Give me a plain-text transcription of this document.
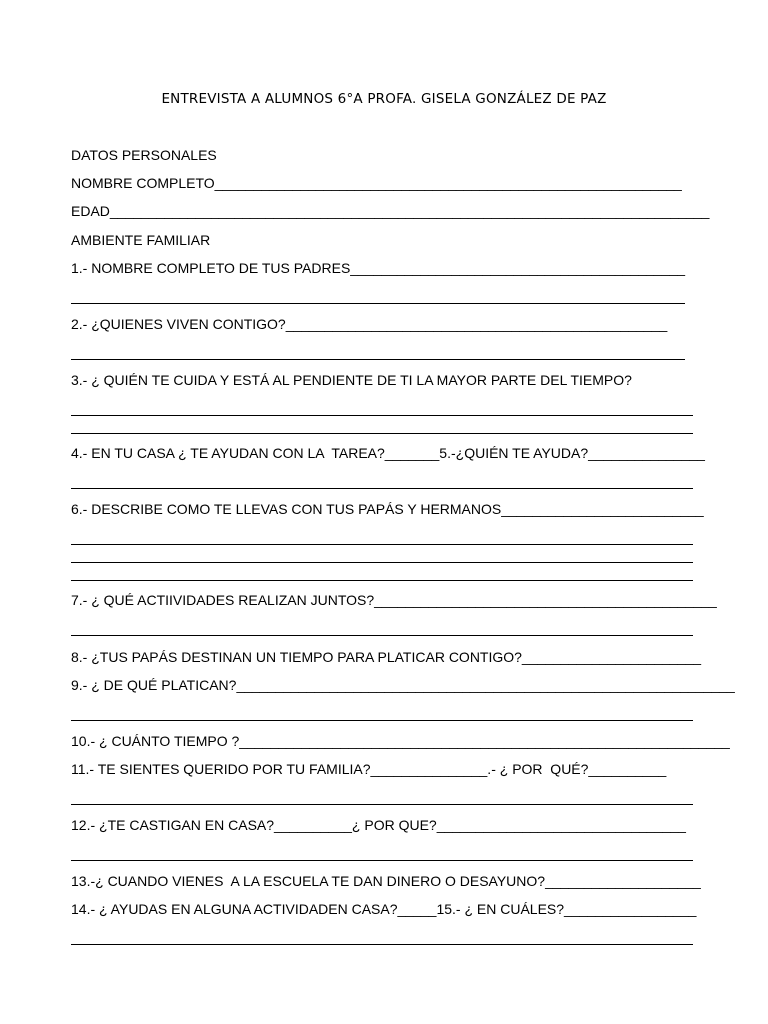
ENTREVISTA A ALUMNOS 6°A PROFA. GISELA GONZÁLEZ DE PAZ
DATOS PERSONALES
NOMBRE COMPLETO____________________________________________________________
EDAD_____________________________________________________________________________
AMBIENTE FAMILIAR
1.- NOMBRE COMPLETO DE TUS PADRES___________________________________________
2.- ¿QUIENES VIVEN CONTIGO?_________________________________________________
3.- ¿ QUIÉN TE CUIDA Y ESTÁ AL PENDIENTE DE TI LA MAYOR PARTE DEL TIEMPO?
4.- EN TU CASA ¿ TE AYUDAN CON LA  TAREA?_______5.-¿QUIÉN TE AYUDA?_______________
6.- DESCRIBE COMO TE LLEVAS CON TUS PAPÁS Y HERMANOS__________________________
7.- ¿ QUÉ ACTIIVIDADES REALIZAN JUNTOS?____________________________________________
8.- ¿TUS PAPÁS DESTINAN UN TIEMPO PARA PLATICAR CONTIGO?_______________________
9.- ¿ DE QUÉ PLATICAN?________________________________________________________________
10.- ¿ CUÁNTO TIEMPO ?_______________________________________________________________
11.- TE SIENTES QUERIDO POR TU FAMILIA?_______________.- ¿ POR  QUÉ?__________
12.- ¿TE CASTIGAN EN CASA?__________¿ POR QUE?________________________________
13.-¿ CUANDO VIENES  A LA ESCUELA TE DAN DINERO O DESAYUNO?____________________
14.- ¿ AYUDAS EN ALGUNA ACTIVIDADEN CASA?_____15.- ¿ EN CUÁLES?_________________
